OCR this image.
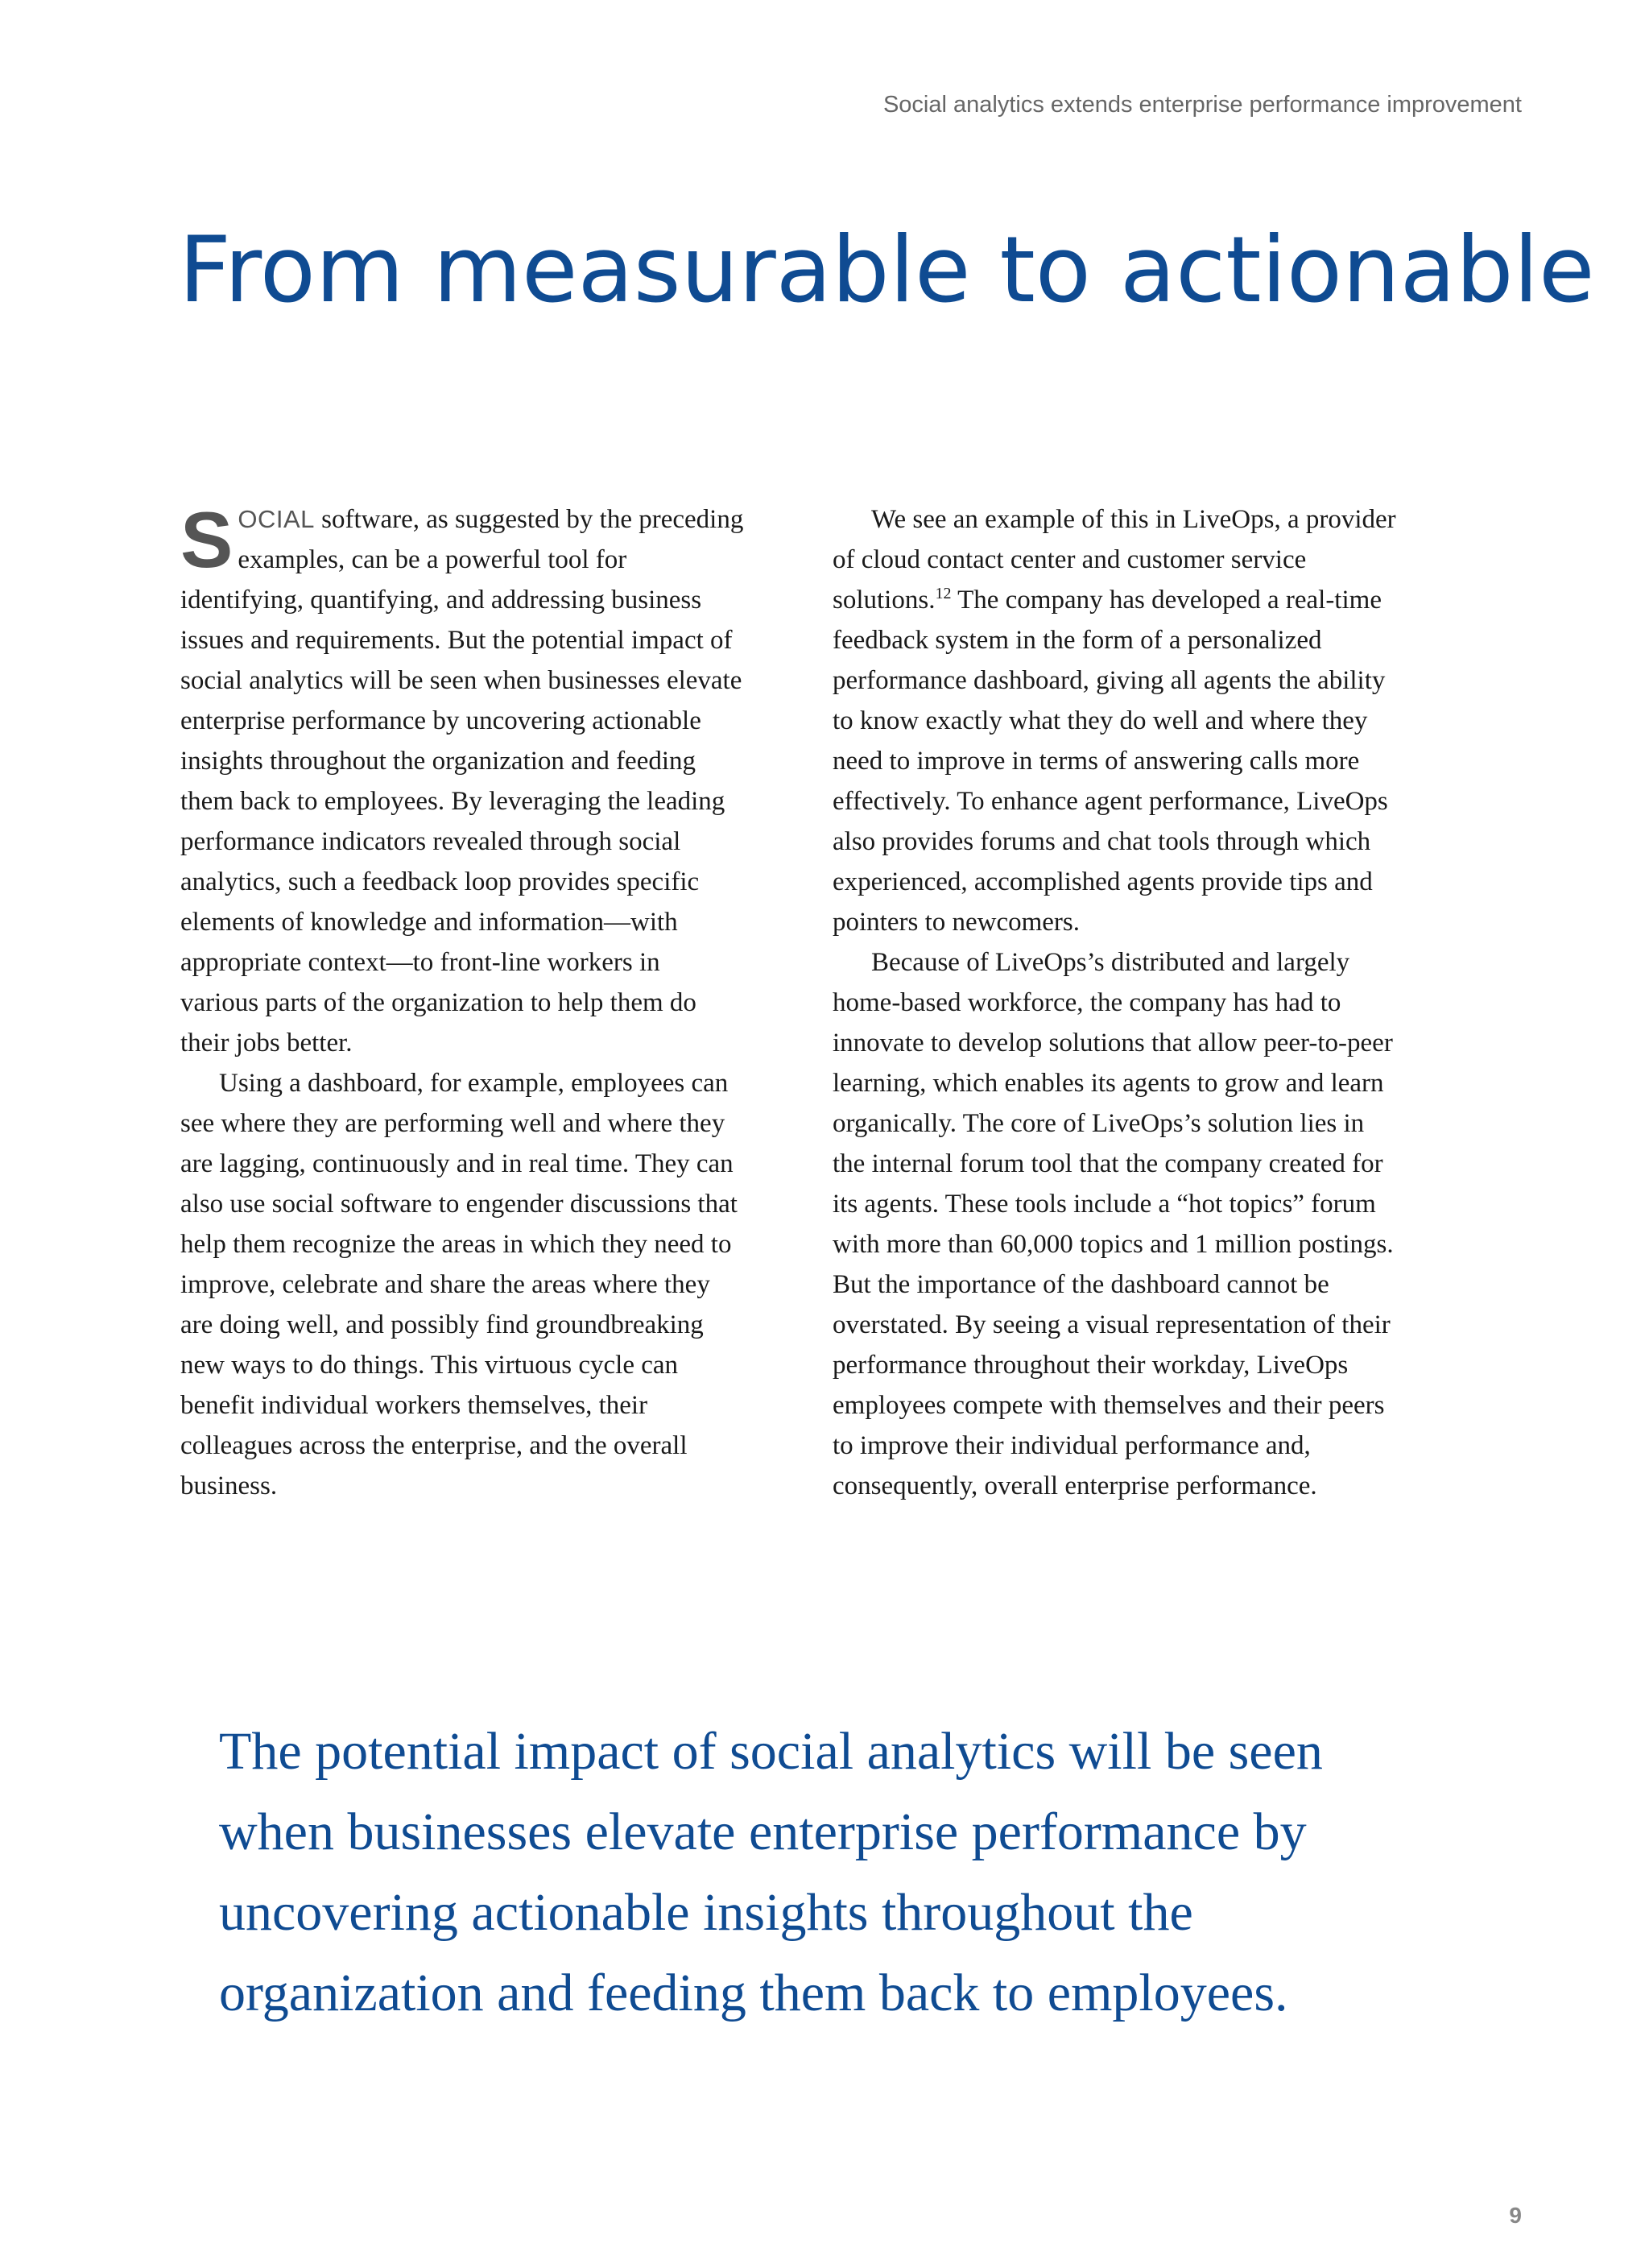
Social analytics extends enterprise performance improvement
From measurable to actionable

SOCIAL software, as suggested by the preceding examples, can be a powerful tool for identifying, quantifying, and addressing business issues and requirements. But the potential impact of social analytics will be seen when businesses elevate enterprise performance by uncovering actionable insights throughout the organization and feeding them back to employees. By leveraging the leading performance indicators revealed through social analytics, such a feedback loop provides specific elements of knowledge and information—with appropriate context—to front-line workers in various parts of the organization to help them do their jobs better.

Using a dashboard, for example, employees can see where they are performing well and where they are lagging, continuously and in real time. They can also use social software to engender discussions that help them recognize the areas in which they need to improve, celebrate and share the areas where they are doing well, and possibly find groundbreaking new ways to do things. This virtuous cycle can benefit individual workers themselves, their colleagues across the enterprise, and the overall business.

We see an example of this in LiveOps, a provider of cloud contact center and customer service solutions.$^{12}$ The company has developed a real-time feedback system in the form of a personalized performance dashboard, giving all agents the ability to know exactly what they do well and where they need to improve in terms of answering calls more effectively. To enhance agent performance, LiveOps also provides forums and chat tools through which experienced, accomplished agents provide tips and pointers to newcomers.

Because of LiveOps’s distributed and largely home-based workforce, the company has had to innovate to develop solutions that allow peer-to-peer learning, which enables its agents to grow and learn organically. The core of LiveOps’s solution lies in the internal forum tool that the company created for its agents. These tools include a “hot topics” forum with more than 60,000 topics and 1 million postings. But the importance of the dashboard cannot be overstated. By seeing a visual representation of their performance throughout their workday, LiveOps employees compete with themselves and their peers to improve their individual performance and, consequently, overall enterprise performance.

The potential impact of social analytics will be seen when businesses elevate enterprise performance by uncovering actionable insights throughout the organization and feeding them back to employees.

9
